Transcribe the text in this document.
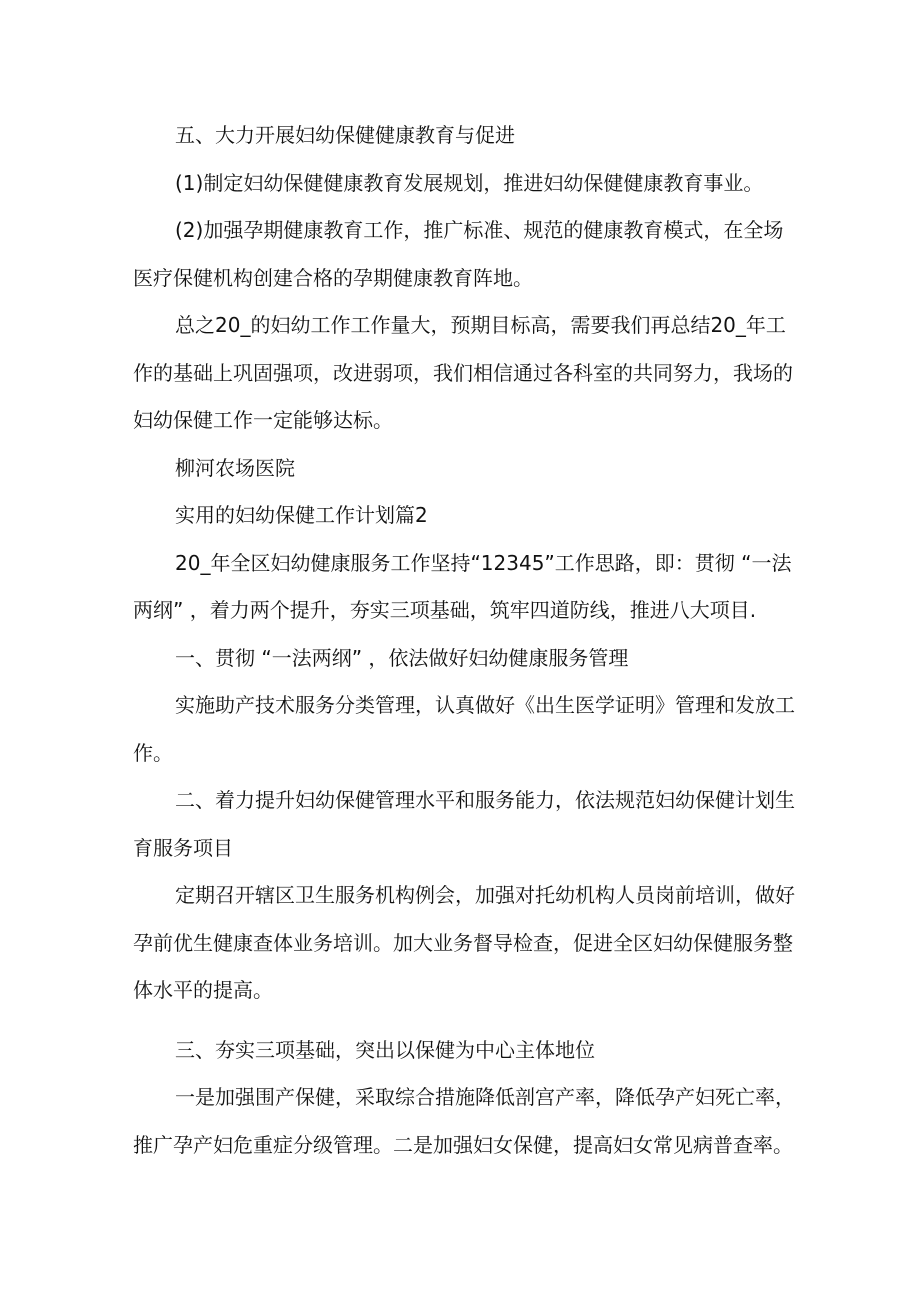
五、大力开展妇幼保健健康教育与促进

(1)制定妇幼保健健康教育发展规划，推进妇幼保健健康教育事业。

(2)加强孕期健康教育工作，推广标准、规范的健康教育模式，在全场医疗保健机构创建合格的孕期健康教育阵地。

总之20_的妇幼工作工作量大，预期目标高，需要我们再总结20_年工作的基础上巩固强项，改进弱项，我们相信通过各科室的共同努力，我场的妇幼保健工作一定能够达标。

柳河农场医院

实用的妇幼保健工作计划篇2

20_年全区妇幼健康服务工作坚持“12345”工作思路，即：贯彻 “一法两纲” ，着力两个提升，夯实三项基础，筑牢四道防线，推进八大项目.

一、贯彻 “一法两纲” ，依法做好妇幼健康服务管理

实施助产技术服务分类管理，认真做好《出生医学证明》管理和发放工作。

二、着力提升妇幼保健管理水平和服务能力，依法规范妇幼保健计划生育服务项目

定期召开辖区卫生服务机构例会，加强对托幼机构人员岗前培训，做好孕前优生健康查体业务培训。加大业务督导检查，促进全区妇幼保健服务整体水平的提高。

三、夯实三项基础，突出以保健为中心主体地位

一是加强围产保健，采取综合措施降低剖宫产率，降低孕产妇死亡率，推广孕产妇危重症分级管理。二是加强妇女保健，提高妇女常见病普查率。
